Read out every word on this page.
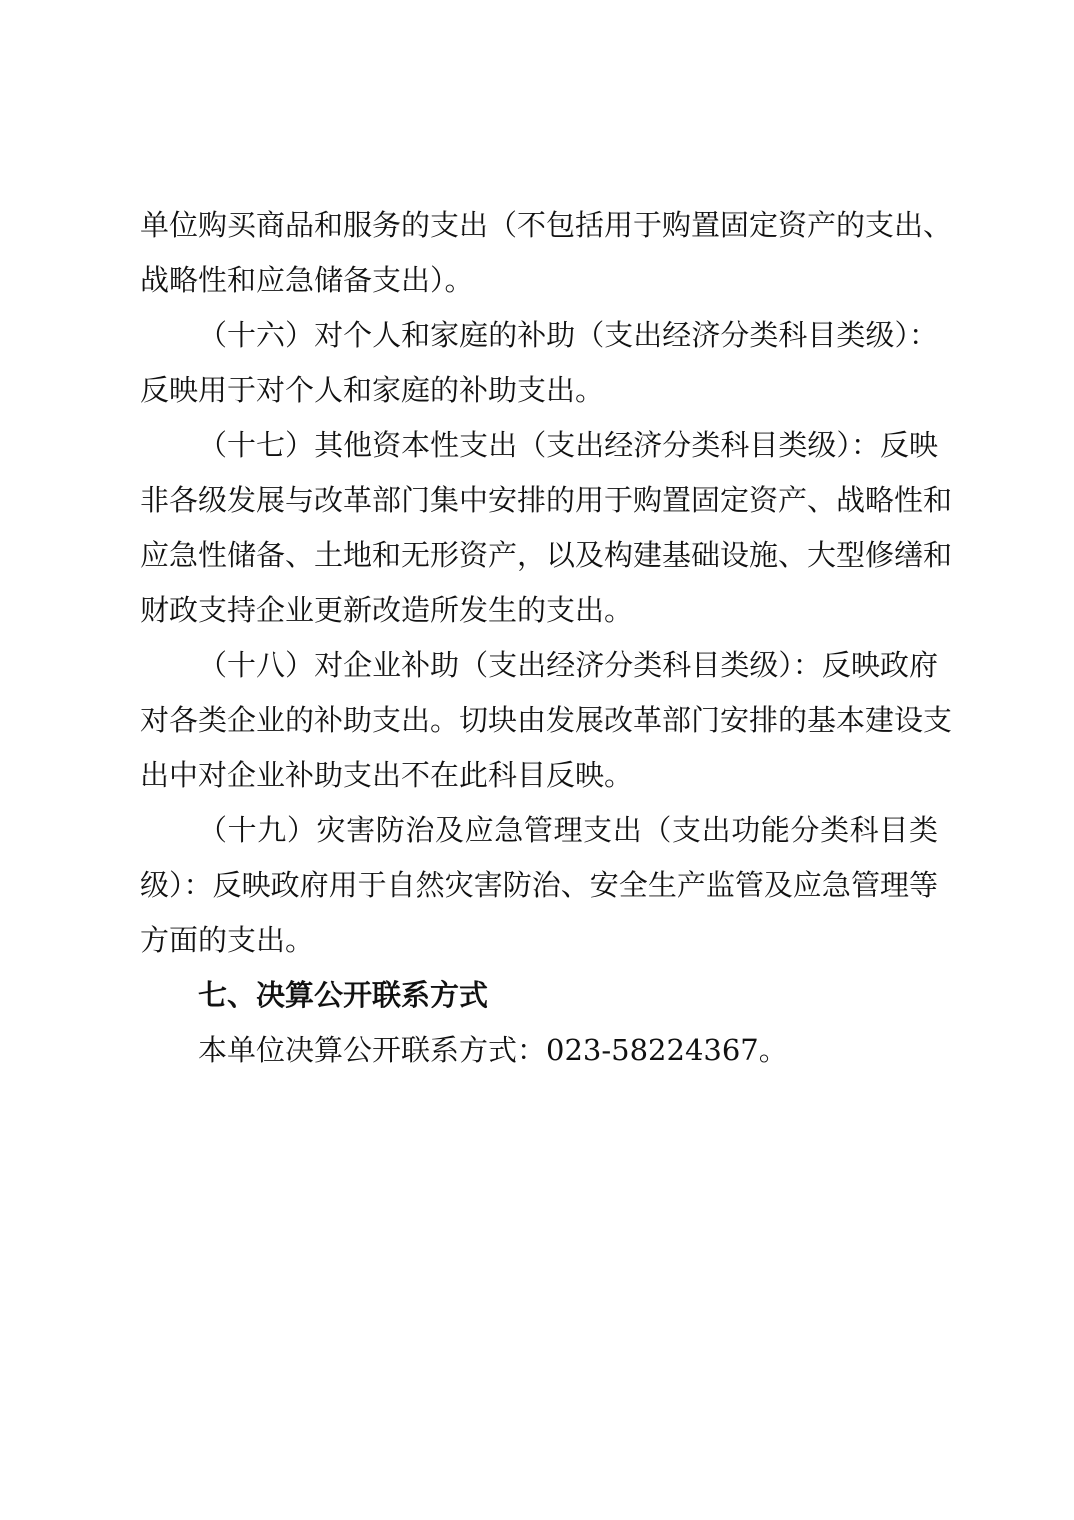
单位购买商品和服务的支出（不包括用于购置固定资产的支出、
战略性和应急储备支出）。
（十六）对个人和家庭的补助（支出经济分类科目类级）：
反映用于对个人和家庭的补助支出。
（十七）其他资本性支出（支出经济分类科目类级）：反映
非各级发展与改革部门集中安排的用于购置固定资产、战略性和
应急性储备、土地和无形资产，以及构建基础设施、大型修缮和
财政支持企业更新改造所发生的支出。
（十八）对企业补助（支出经济分类科目类级）：反映政府
对各类企业的补助支出。切块由发展改革部门安排的基本建设支
出中对企业补助支出不在此科目反映。
（十九）灾害防治及应急管理支出（支出功能分类科目类
级）：反映政府用于自然灾害防治、安全生产监管及应急管理等
方面的支出。
七、决算公开联系方式
本单位决算公开联系方式：023-58224367。
